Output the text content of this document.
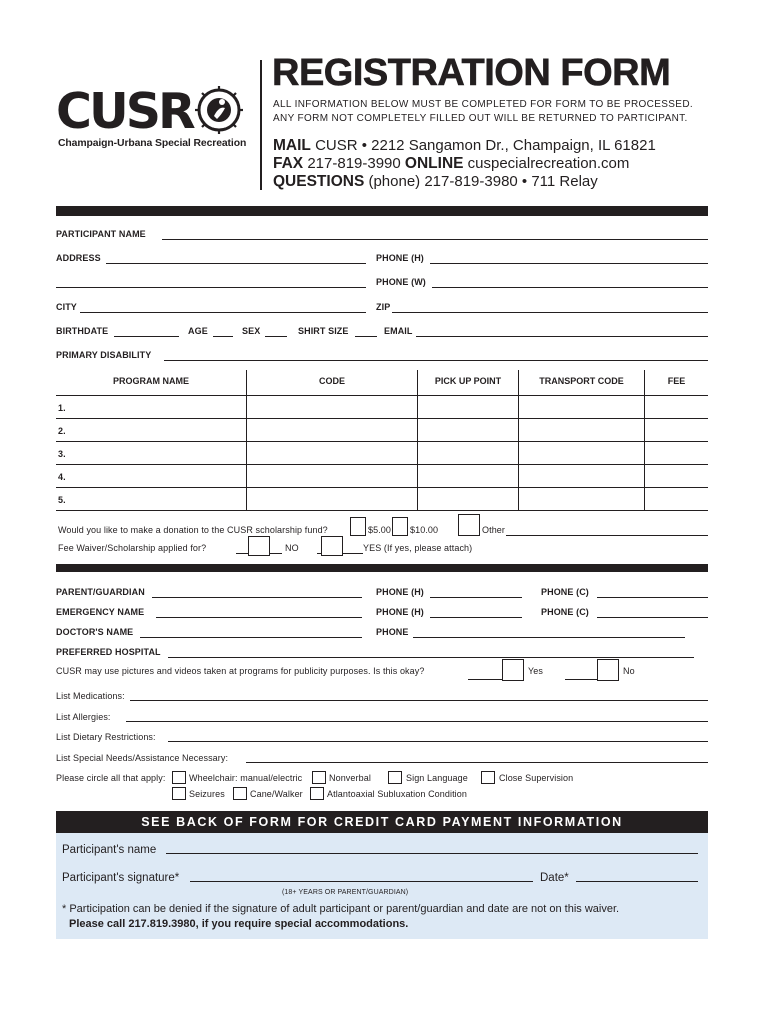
CUSR
Champaign-Urbana Special Recreation
REGISTRATION FORM
ALL INFORMATION BELOW MUST BE COMPLETED FOR FORM TO BE PROCESSED.
ANY FORM NOT COMPLETELY FILLED OUT WILL BE RETURNED TO PARTICIPANT.
MAIL CUSR • 2212 Sangamon Dr., Champaign, IL 61821
FAX 217-819-3990 ONLINE cuspecialrecreation.com
QUESTIONS (phone) 217-819-3980 • 711 Relay
PARTICIPANT NAME
ADDRESS	PHONE (H)
PHONE (W)
CITY	ZIP
BIRTHDATE	AGE	SEX	SHIRT SIZE	EMAIL
PRIMARY DISABILITY
PROGRAM NAME	CODE	PICK UP POINT	TRANSPORT CODE	FEE
1.
2.
3.
4.
5.
Would you like to make a donation to the CUSR scholarship fund?	$5.00 $10.00	Other
Fee Waiver/Scholarship applied for?	NO	YES (If yes, please attach)
PARENT/GUARDIAN	PHONE (H)	PHONE (C)
EMERGENCY NAME	PHONE (H)	PHONE (C)
DOCTOR'S NAME	PHONE
PREFERRED HOSPITAL
CUSR may use pictures and videos taken at programs for publicity purposes. Is this okay?	Yes	No
List Medications:
List Allergies:
List Dietary Restrictions:
List Special Needs/Assistance Necessary:
Please circle all that apply:	Wheelchair: manual/electric	Nonverbal	Sign Language	Close Supervision
Seizures	Cane/Walker	Atlantoaxial Subluxation Condition
SEE BACK OF FORM FOR CREDIT CARD PAYMENT INFORMATION
Participant's name
Participant's signature*	Date*
(18+ YEARS OR PARENT/GUARDIAN)
* Participation can be denied if the signature of adult participant or parent/guardian and date are not on this waiver.
Please call 217.819.3980, if you require special accommodations.
